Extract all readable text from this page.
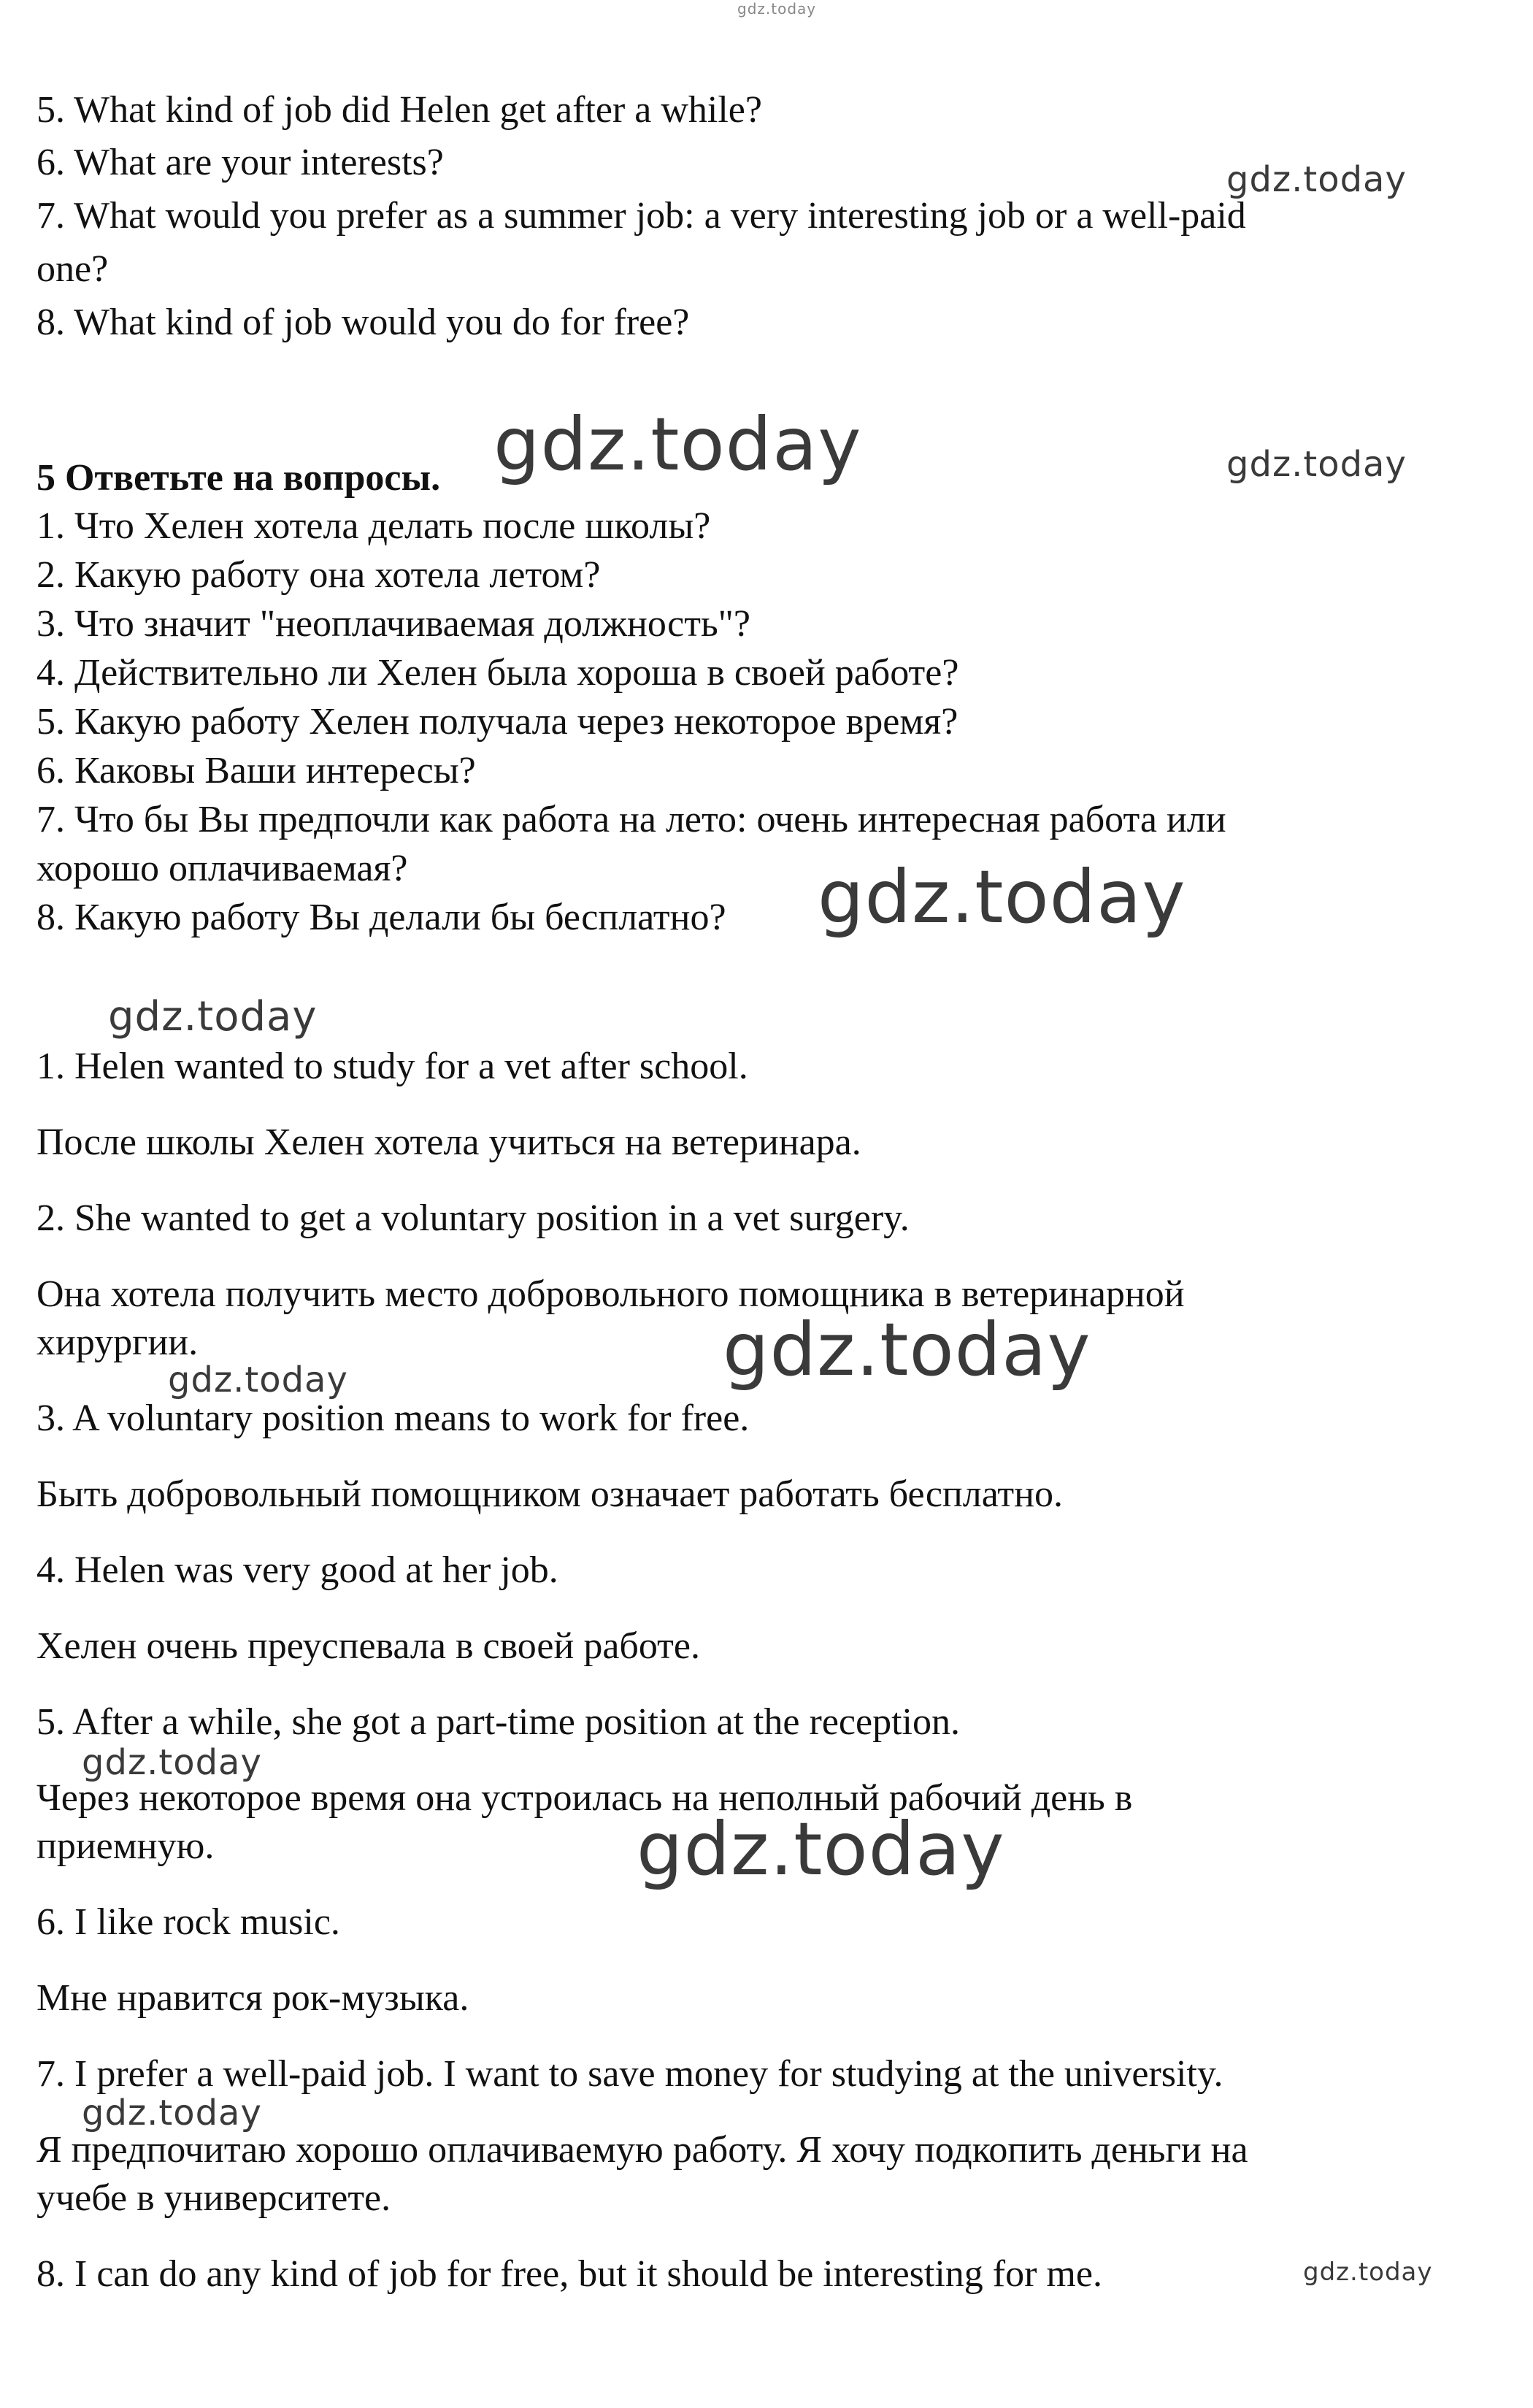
gdz.today
5. What kind of job did Helen get after a while?
6. What are your interests?
7. What would you prefer as a summer job: a very interesting job or a well-paid
one?
8. What kind of job would you do for free?
5 Ответьте на вопросы.
1. Что Хелен хотела делать после школы?
2. Какую работу она хотела летом?
3. Что значит "неоплачиваемая должность"?
4. Действительно ли Хелен была хороша в своей работе?
5. Какую работу Хелен получала через некоторое время?
6. Каковы Ваши интересы?
7. Что бы Вы предпочли как работа на лето: очень интересная работа или
хорошо оплачиваемая?
8. Какую работу Вы делали бы бесплатно?
1. Helen wanted to study for a vet after school.
После школы Хелен хотела учиться на ветеринара.
2. She wanted to get a voluntary position in a vet surgery.
Она хотела получить место добровольного помощника в ветеринарной
хирургии.
3. A voluntary position means to work for free.
Быть добровольный помощником означает работать бесплатно.
4. Helen was very good at her job.
Хелен очень преуспевала в своей работе.
5. After a while, she got a part-time position at the reception.
Через некоторое время она устроилась на неполный рабочий день в
приемную.
6. I like rock music.
Мне нравится рок-музыка.
7. I prefer a well-paid job. I want to save money for studying at the university.
Я предпочитаю хорошо оплачиваемую работу. Я хочу подкопить деньги на
учебе в университете.
8. I can do any kind of job for free, but it should be interesting for me.
gdz.today
gdz.today	gdz.today
gdz.today
gdz.today
gdz.today
gdz.today
gdz.today
gdz.today
gdz.today
gdz.today
